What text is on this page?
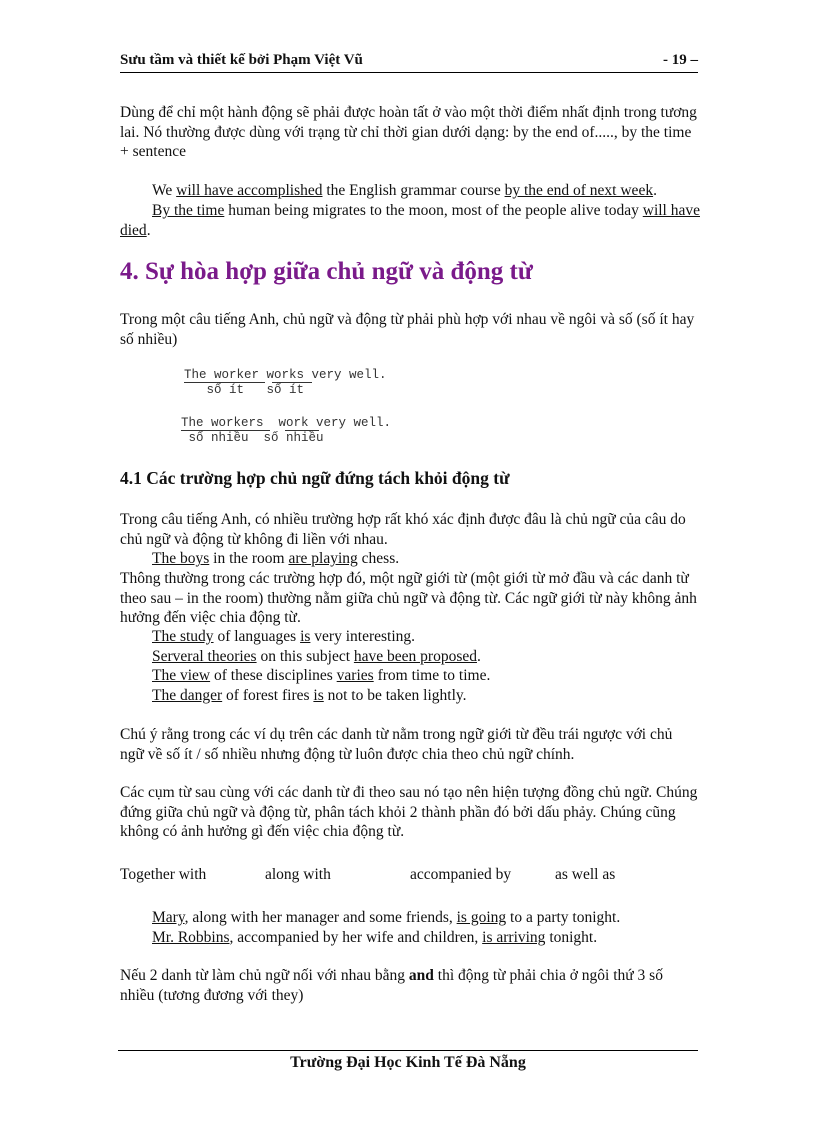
Sưu tầm và thiết kế bởi Phạm Việt Vũ	- 19 –
Dùng để chỉ một hành động sẽ phải được hoàn tất ở vào một thời điểm nhất định trong tương lai. Nó thường được dùng với trạng từ chỉ thời gian dưới dạng: by the end of....., by the time + sentence
We will have accomplished the English grammar course by the end of next week.
By the time human being migrates to the moon, most of the people alive today will have died.
4. Sự hòa hợp giữa chủ ngữ và động từ
Trong một câu tiếng Anh, chủ ngữ và động từ phải phù hợp với nhau về ngôi và số (số ít hay số nhiều)
The worker works very well.
số ít   số ít
The workers work very well.
số nhiều  số nhiều
4.1 Các trường hợp chủ ngữ đứng tách khỏi động từ
Trong câu tiếng Anh, có nhiều trường hợp rất khó xác định được đâu là chủ ngữ của câu do chủ ngữ và động từ không đi liền với nhau.
The boys in the room are playing chess.
Thông thường trong các trường hợp đó, một ngữ giới từ (một giới từ mở đầu và các danh từ theo sau – in the room) thường nằm giữa chủ ngữ và động từ. Các ngữ giới từ này không ảnh hưởng đến việc chia động từ.
The study of languages is very interesting.
Serveral theories on this subject have been proposed.
The view of these disciplines varies from time to time.
The danger of forest fires is not to be taken lightly.
Chú ý rằng trong các ví dụ trên các danh từ nằm trong ngữ giới từ đều trái ngược với chủ ngữ về số ít / số nhiều nhưng động từ luôn được chia theo chủ ngữ chính.
Các cụm từ sau cùng với các danh từ đi theo sau nó tạo nên hiện tượng đồng chủ ngữ. Chúng đứng giữa chủ ngữ và động từ, phân tách khỏi 2 thành phần đó bởi dấu phảy. Chúng cũng không có ảnh hưởng gì đến việc chia động từ.
Together with	along with	accompanied by	as well as
Mary, along with her manager and some friends, is going to a party tonight.
Mr. Robbins, accompanied by her wife and children, is arriving tonight.
Nếu 2 danh từ làm chủ ngữ nối với nhau bằng and thì động từ phải chia ở ngôi thứ 3 số nhiều (tương đương với they)
Trường Đại Học Kinh Tế Đà Nẵng
